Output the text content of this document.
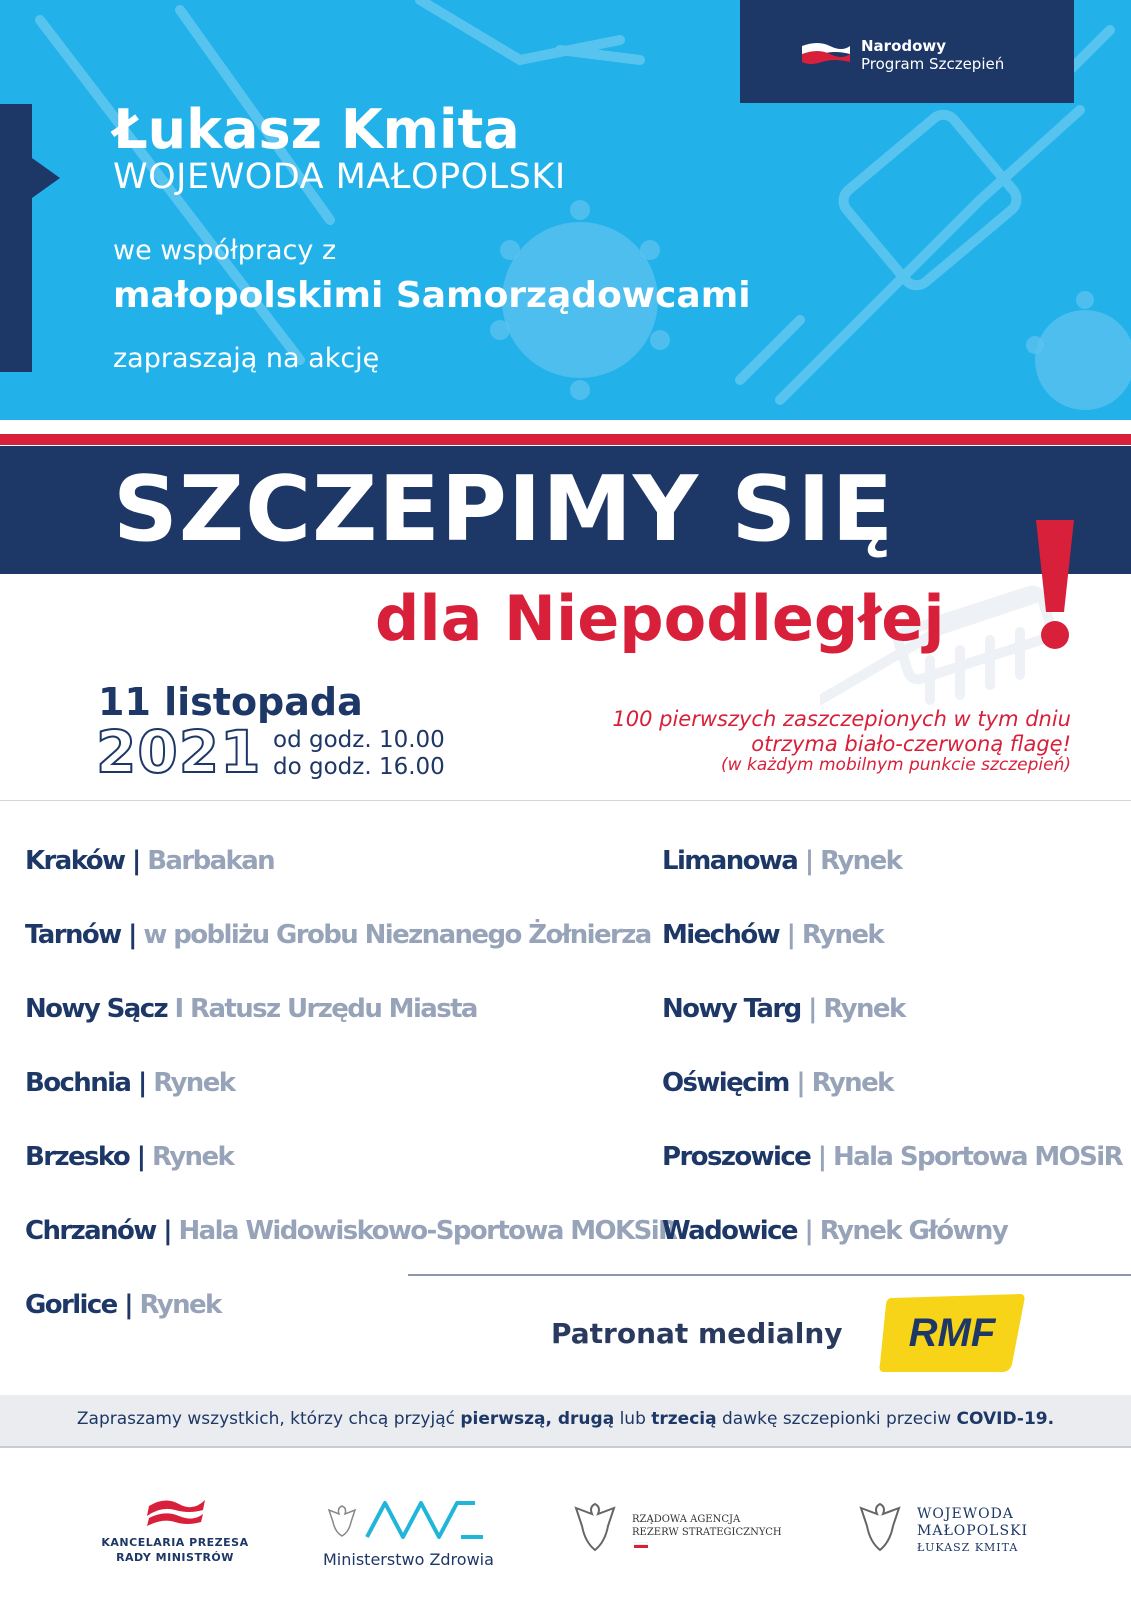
Narodowy
Program Szczepień
Łukasz Kmita
WOJEWODA MAŁOPOLSKI
we współpracy z
małopolskimi Samorządowcami
zapraszają na akcję
SZCZEPIMY SIĘ
dla Niepodległej
11 listopada
2021 od godz. 10.00
do godz. 16.00
100 pierwszych zaszczepionych w tym dniu
otrzyma biało-czerwoną flagę!
(w każdym mobilnym punkcie szczepień)
Kraków | Barbakan
Tarnów | w pobliżu Grobu Nieznanego Żołnierza
Nowy Sącz I Ratusz Urzędu Miasta
Bochnia | Rynek
Brzesko | Rynek
Chrzanów | Hala Widowiskowo-Sportowa MOKSiR
Gorlice | Rynek
Limanowa | Rynek
Miechów | Rynek
Nowy Targ | Rynek
Oświęcim | Rynek
Proszowice | Hala Sportowa MOSiR
Wadowice | Rynek Główny
Patronat medialny RMF
Zapraszamy wszystkich, którzy chcą przyjąć pierwszą, drugą lub trzecią dawkę szczepionki przeciw COVID-19.
KANCELARIA PREZESA
RADY MINISTRÓW	Ministerstwo Zdrowia
RZĄDOWA AGENCJA
REZERW STRATEGICZNYCH
WOJEWODA
MAŁOPOLSKI
ŁUKASZ KMITA
